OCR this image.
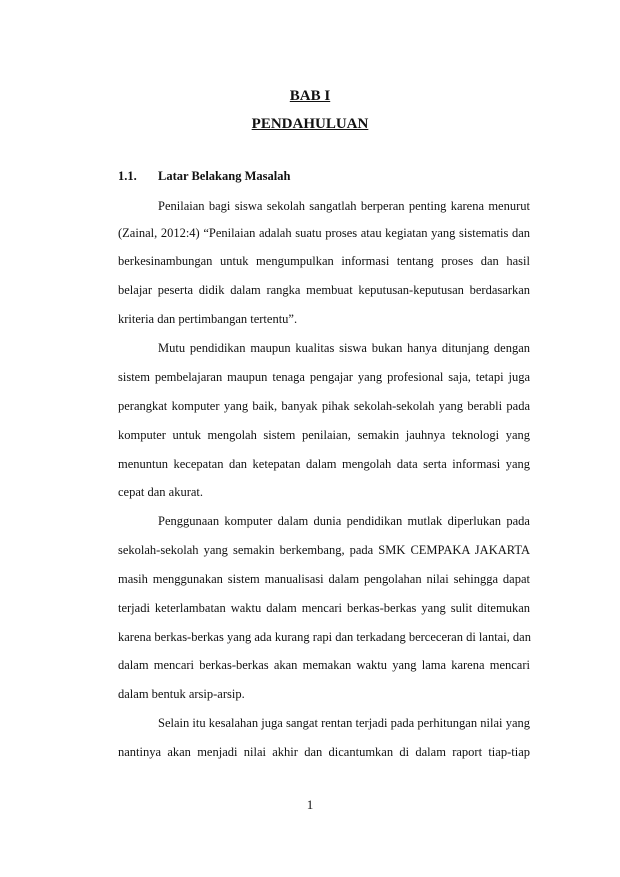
BAB I
PENDAHULUAN
1.1. Latar Belakang Masalah
Penilaian bagi siswa sekolah sangatlah berperan penting karena menurut
(Zainal, 2012:4) “Penilaian adalah suatu proses atau kegiatan yang sistematis dan
berkesinambungan untuk mengumpulkan informasi tentang proses dan hasil
belajar peserta didik dalam rangka membuat keputusan-keputusan berdasarkan
kriteria dan pertimbangan tertentu”.
Mutu pendidikan maupun kualitas siswa bukan hanya ditunjang dengan
sistem pembelajaran maupun tenaga pengajar yang profesional saja, tetapi juga
perangkat komputer yang baik, banyak pihak sekolah-sekolah yang berabli pada
komputer untuk mengolah sistem penilaian, semakin jauhnya teknologi yang
menuntun kecepatan dan ketepatan dalam mengolah data serta informasi yang
cepat dan akurat.
Penggunaan komputer dalam dunia pendidikan mutlak diperlukan pada
sekolah-sekolah yang semakin berkembang, pada SMK CEMPAKA JAKARTA
masih menggunakan sistem manualisasi dalam pengolahan nilai sehingga dapat
terjadi keterlambatan waktu dalam mencari berkas-berkas yang sulit ditemukan
karena berkas-berkas yang ada kurang rapi dan terkadang berceceran di lantai, dan
dalam mencari berkas-berkas akan memakan waktu yang lama karena mencari
dalam bentuk arsip-arsip.
Selain itu kesalahan juga sangat rentan terjadi pada perhitungan nilai yang
nantinya akan menjadi nilai akhir dan dicantumkan di dalam raport tiap-tiap
1
